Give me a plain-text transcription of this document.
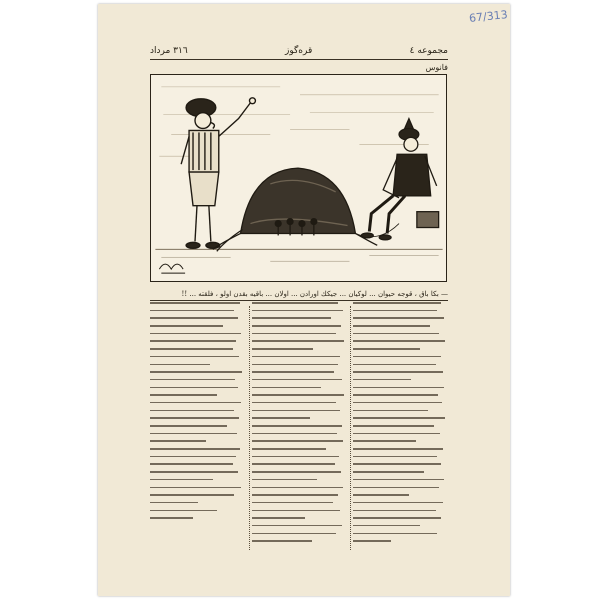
67/313
مجموعه ٤
قره‌گوز
٣١٦ مرداد
فانوس
— بكا باق ، قوجه حيوان ... لوكيان ... جيكك اورادن ... اولان ... باقيه بقدن اولو ، فلقته ... !!
